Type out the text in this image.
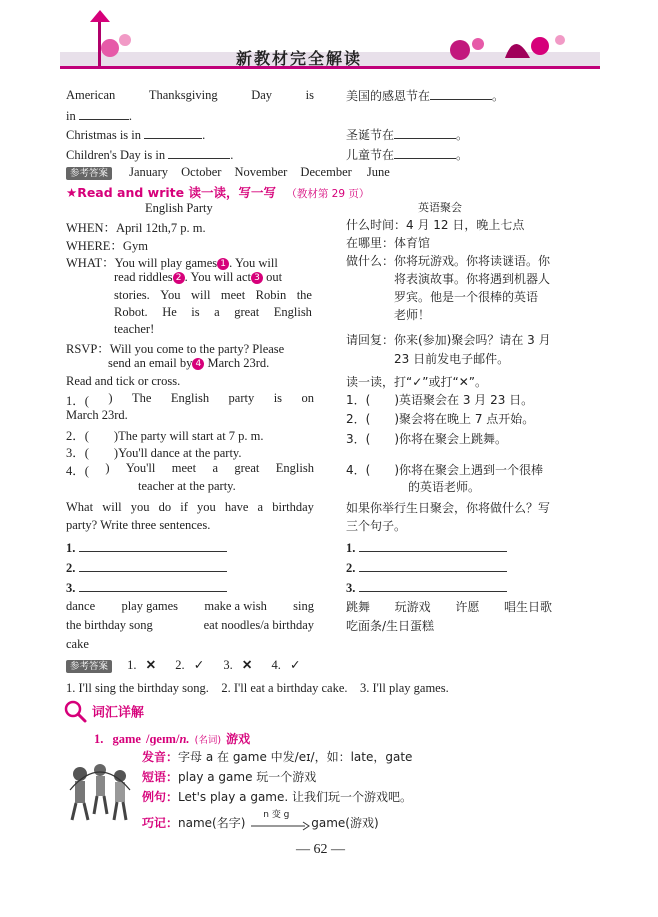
新教材完全解读
American	Thanksgiving	Day	is
in	.
美国的感恩节在	。
Christmas is in	.	圣诞节在	。
Children's Day is in	.	儿童节在	。
参考答案 January October November December June
★Read and write 读一读，写一写 （教材第 29 页）
English Party	英语聚会
WHEN：April 12th,7 p. m.
WHERE：Gym
WHAT：You will play games 1 . You will
read riddles 2 . You will act 3 out
stories. You will meet Robin the
Robot. He is a great English
teacher!
RSVP：Will you come to the party? Please
send an email by 4 March 23rd.
什么时间：4 月 12 日，晚上七点
在哪里：体育馆
做什么：你将玩游戏。你将读谜语。你
将表演故事。你将遇到机器人
罗宾。他是一个很棒的英语
老师！
请回复：你来(参加)聚会吗？请在 3 月
23 日前发电子邮件。
Read and tick or cross.	读一读，打“✓”或打“✕”。
1．( ) The English party is on
March 23rd.
2．(　　)The party will start at 7 p. m.
3．(　　)You'll dance at the party.
4．( ) You'll meet a great English
teacher at the party.
1．(　　)英语聚会在 3 月 23 日。
2．(　　)聚会将在晚上 7 点开始。
3．(　　)你将在聚会上跳舞。
4．(　　)你将在聚会上遇到一个很棒
的英语老师。
What will you do if you have a birthday
party? Write three sentences.
如果你举行生日聚会，你将做什么？写
三个句子。
1.
2.
3.
1.
2.
3.
dance play games make a wish sing
the birthday song	eat noodles/a birthday
cake
跳舞 玩游戏 许愿 唱生日歌
吃面条/生日蛋糕
参考答案 1. ✕ 2. ✓ 3. ✕ 4. ✓
1. I'll sing the birthday song.　2. I'll eat a birthday cake.　3. I'll play games.
词汇详解
1. game /ɡeɪm/n. (名词) 游戏
发音：字母 a 在 game 中发/eɪ/，如：late，gate
短语：play a game 玩一个游戏
例句：Let's play a game. 让我们玩一个游戏吧。
巧记：name(名字)
n 变 g
game(游戏)
— 62 —
